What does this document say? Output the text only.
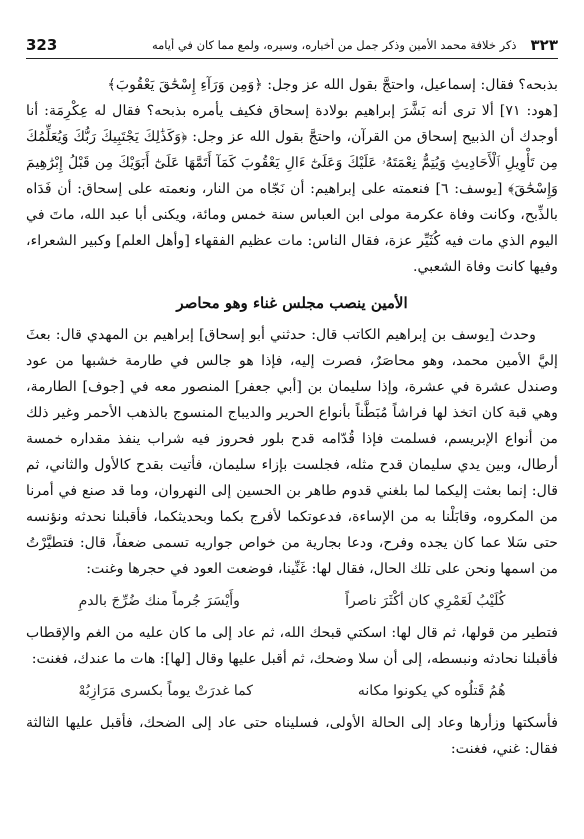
323	ذكر خلافة محمد الأمين وذكر جمل من أخباره، وسيره، ولمع مما كان في أيامه ٣٢٣

بذبحه؟ فقال: إسماعيل، واحتجَّ بقول الله عز وجل: ﴿وَمِن وَرَآءِ إِسْحَٰقَ يَعْقُوبَ﴾

[هود: ٧١] ألا ترى أنه بَشَّرَ إبراهيم بولادة إسحاق فكيف يأمره بذبحه؟ فقال له عِكْرِمَة: أنا أوجدك أن الذبيح إسحاق من القرآن، واحتجَّ بقول الله عز وجل: ﴿وَكَذَٰلِكَ يَجْتَبِيكَ رَبُّكَ وَيُعَلِّمُكَ مِن تَأْوِيلِ ٱلْأَحَادِيثِ وَيُتِمُّ نِعْمَتَهُۥ عَلَيْكَ وَعَلَىٰٓ ءَالِ يَعْقُوبَ كَمَآ أَتَمَّهَا عَلَىٰٓ أَبَوَيْكَ مِن قَبْلُ إِبْرَٰهِيمَ وَإِسْحَٰقَ﴾ [يوسف: ٦] فنعمته على إبراهيم: أن نَجّاه من النار، ونعمته على إسحاق: أن فَدَاه بالذِّبح، وكانت وفاة عكرمة مولى ابن العباس سنة خمس ومائة، ويكنى أبا عبد الله، ماتَ في اليوم الذي مات فيه كُثَيِّر عزة، فقال الناس: مات عظيم الفقهاء [وأهل العلم] وكبير الشعراء، وفيها كانت وفاة الشعبي.

الأمين ينصب مجلس غناء وهو محاصر

وحدث [يوسف بن إبراهيم الكاتب قال: حدثني أبو إسحاق] إبراهيم بن المهدي قال: بعثَ إليَّ الأمين محمد، وهو محاصَرٌ، فصرت إليه، فإذا هو جالس في طارمة خشبها من عود وصندل عشرة في عشرة، وإذا سليمان بن [أبي جعفر] المنصور معه في [جوف] الطارمة، وهي قبة كان اتخذ لها فراشاً مُبَطَّناً بأنواع الحرير والديباج المنسوج بالذهب الأحمر وغير ذلك من أنواع الإبريسم، فسلمت فإذا قُدّامه قدح بلور فحروز فيه شراب ينفذ مقداره خمسة أرطال، وبين يدي سليمان قدح مثله، فجلست بإزاء سليمان، فأتيت بقدح كالأول والثاني، ثم قال: إنما بعثت إليكما لما بلغني قدوم طاهر بن الحسين إلى النهروان، وما قد صنع في أمرنا من المكروه، وقابَلْنا به من الإساءة، فدعوتكما لأفرج بكما وبحديثكما، فأقبلنا نحدثه ونؤنسه حتى سَلا عما كان يجده وفرح، ودعا بجارية من خواص جواريه تسمى ضعفاً، قال: فتطيَّرْتُ من اسمها ونحن على تلك الحال، فقال لها: غَنِّينا، فوضعت العود في حجرها وغنت:

كُلَيْبُ لَعَمْرِي كان أكْثَرَ ناصراً
وأَيْسَرَ جُرماً منك ضُرِّجَ بالدمِ

فتطير من قولها، ثم قال لها: اسكتي قبحك الله، ثم عاد إلى ما كان عليه من الغم والإقطاب فأقبلنا نحادثه ونبسطه، إلى أن سلا وضحك، ثم أقبل عليها وقال [لها]: هات ما عندك، فغنت:

هُمُ قَتلُوه كي يكونوا مكانه
كما غدرَتْ يوماً بكسرى مَرَازِبُهْ

فأسكتها وزأرها وعاد إلى الحالة الأولى، فسليناه حتى عاد إلى الضحك، فأقبل عليها الثالثة فقال: غني، فغنت:
